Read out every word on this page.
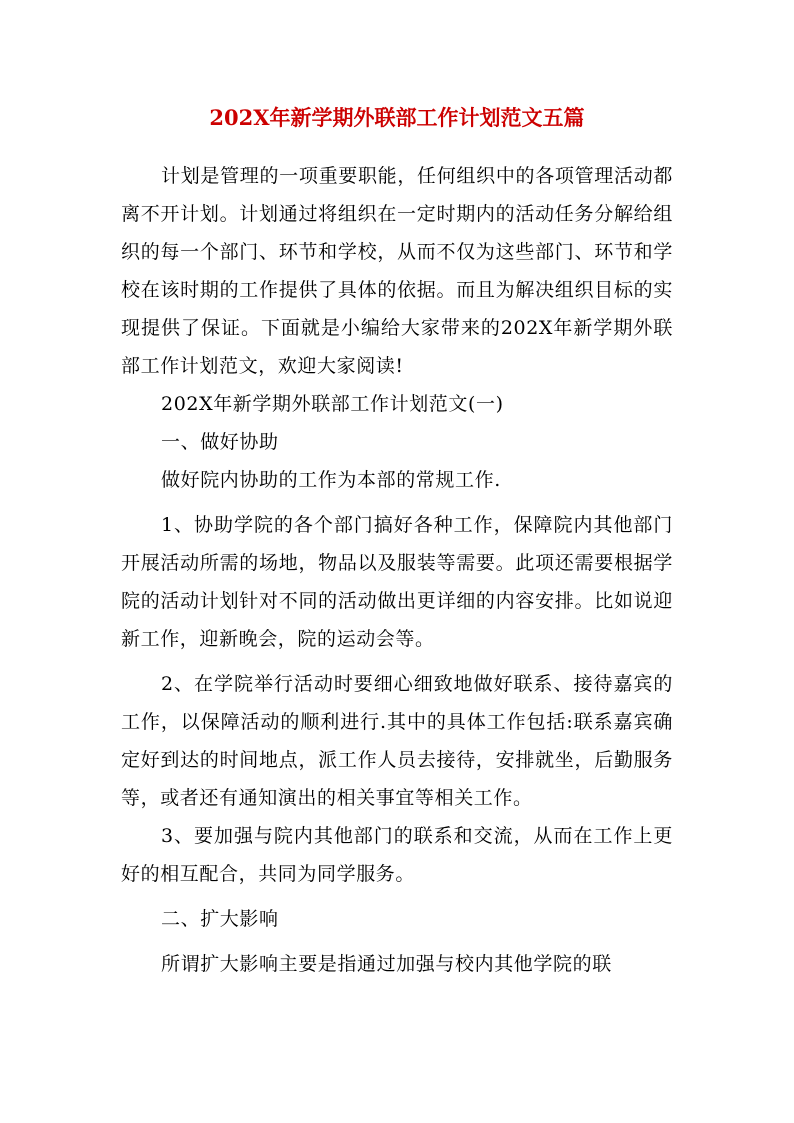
202X年新学期外联部工作计划范文五篇

计划是管理的一项重要职能，任何组织中的各项管理活动都离不开计划。计划通过将组织在一定时期内的活动任务分解给组织的每一个部门、环节和学校，从而不仅为这些部门、环节和学校在该时期的工作提供了具体的依据。而且为解决组织目标的实现提供了保证。下面就是小编给大家带来的202X年新学期外联部工作计划范文，欢迎大家阅读!

202X年新学期外联部工作计划范文(一)

一、做好协助

做好院内协助的工作为本部的常规工作.

1、协助学院的各个部门搞好各种工作，保障院内其他部门开展活动所需的场地，物品以及服装等需要。此项还需要根据学院的活动计划针对不同的活动做出更详细的内容安排。比如说迎新工作，迎新晚会，院的运动会等。

2、在学院举行活动时要细心细致地做好联系、接待嘉宾的工作，以保障活动的顺利进行.其中的具体工作包括:联系嘉宾确定好到达的时间地点，派工作人员去接待，安排就坐，后勤服务等，或者还有通知演出的相关事宜等相关工作。

3、要加强与院内其他部门的联系和交流，从而在工作上更好的相互配合，共同为同学服务。

二、扩大影响

所谓扩大影响主要是指通过加强与校内其他学院的联
